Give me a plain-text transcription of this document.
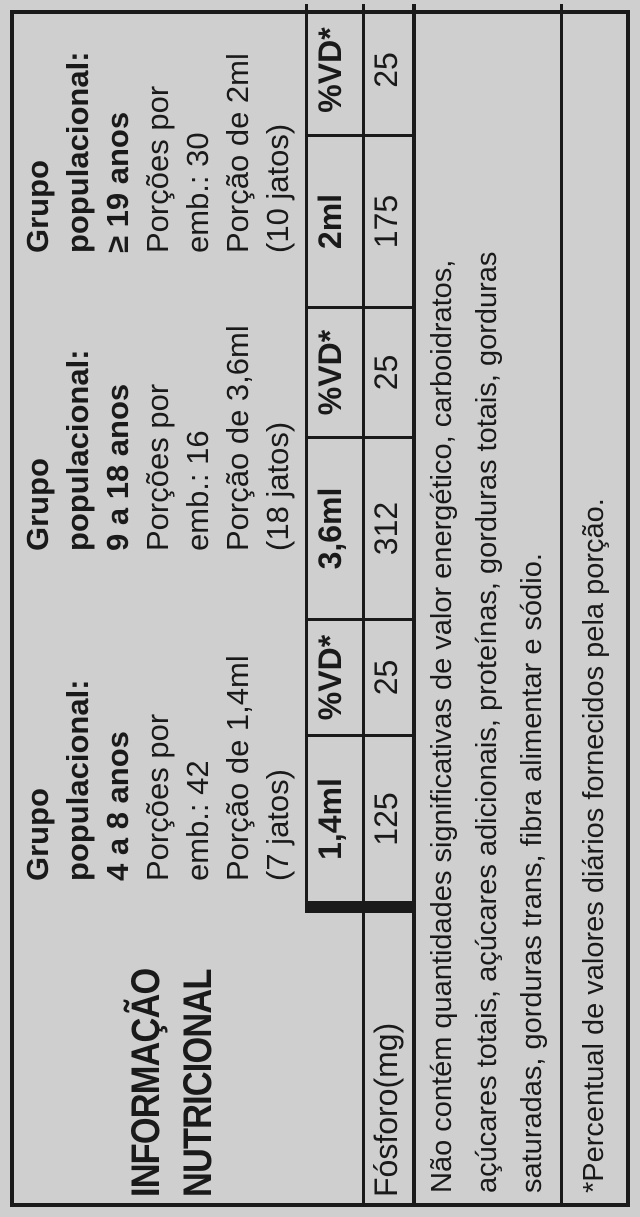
INFORMAÇÃO NUTRICIONAL
Grupo populacional: 4 a 8 anos Porções por emb.: 42 Porção de 1,4ml (7 jatos)
Grupo populacional: 9 a 18 anos Porções por emb.: 16 Porção de 3,6ml (18 jatos)
Grupo populacional: ≥ 19 anos Porções por emb.: 30 Porção de 2ml (10 jatos)
1,4ml
%VD*
3,6ml
%VD*
2ml
%VD*
Fósforo(mg)
125
25
312
25
175
25
Não contém quantidades significativas de valor energético, carboidratos, açúcares totais, açúcares adicionais, proteínas, gorduras totais, gorduras saturadas, gorduras trans, fibra alimentar e sódio. *Percentual de valores diários fornecidos pela porção.
